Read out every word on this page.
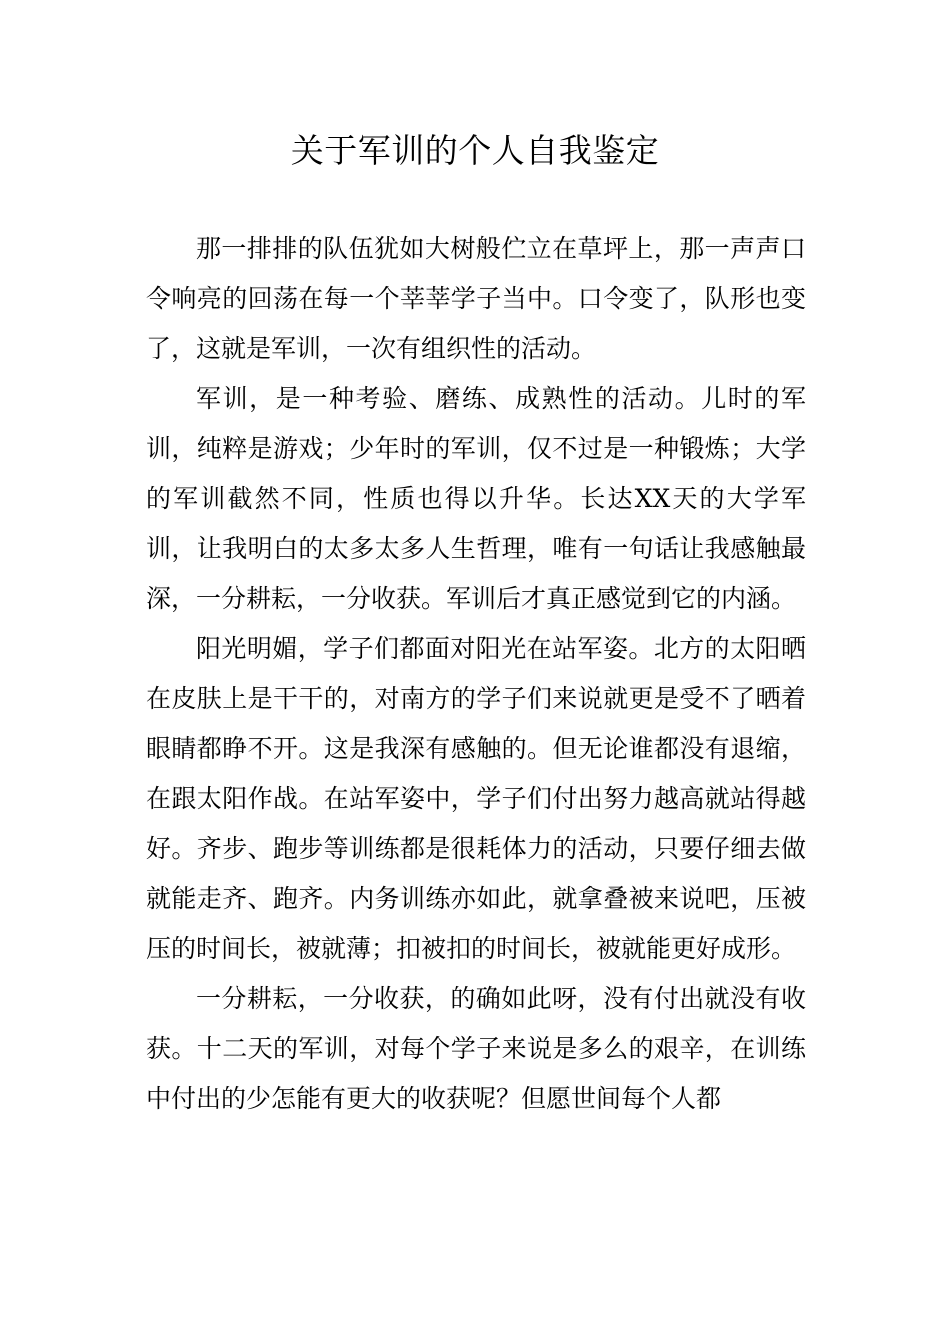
关于军训的个人自我鉴定

那一排排的队伍犹如大树般伫立在草坪上，那一声声口令响亮的回荡在每一个莘莘学子当中。口令变了，队形也变了，这就是军训，一次有组织性的活动。

军训，是一种考验、磨练、成熟性的活动。儿时的军训，纯粹是游戏；少年时的军训，仅不过是一种锻炼；大学的军训截然不同，性质也得以升华。长达XX天的大学军训，让我明白的太多太多人生哲理，唯有一句话让我感触最深，一分耕耘，一分收获。军训后才真正感觉到它的内涵。

阳光明媚，学子们都面对阳光在站军姿。北方的太阳晒在皮肤上是干干的，对南方的学子们来说就更是受不了晒着眼睛都睁不开。这是我深有感触的。但无论谁都没有退缩，在跟太阳作战。在站军姿中，学子们付出努力越高就站得越好。齐步、跑步等训练都是很耗体力的活动，只要仔细去做就能走齐、跑齐。内务训练亦如此，就拿叠被来说吧，压被压的时间长，被就薄；扣被扣的时间长，被就能更好成形。

一分耕耘，一分收获，的确如此呀，没有付出就没有收获。十二天的军训，对每个学子来说是多么的艰辛，在训练中付出的少怎能有更大的收获呢？但愿世间每个人都
